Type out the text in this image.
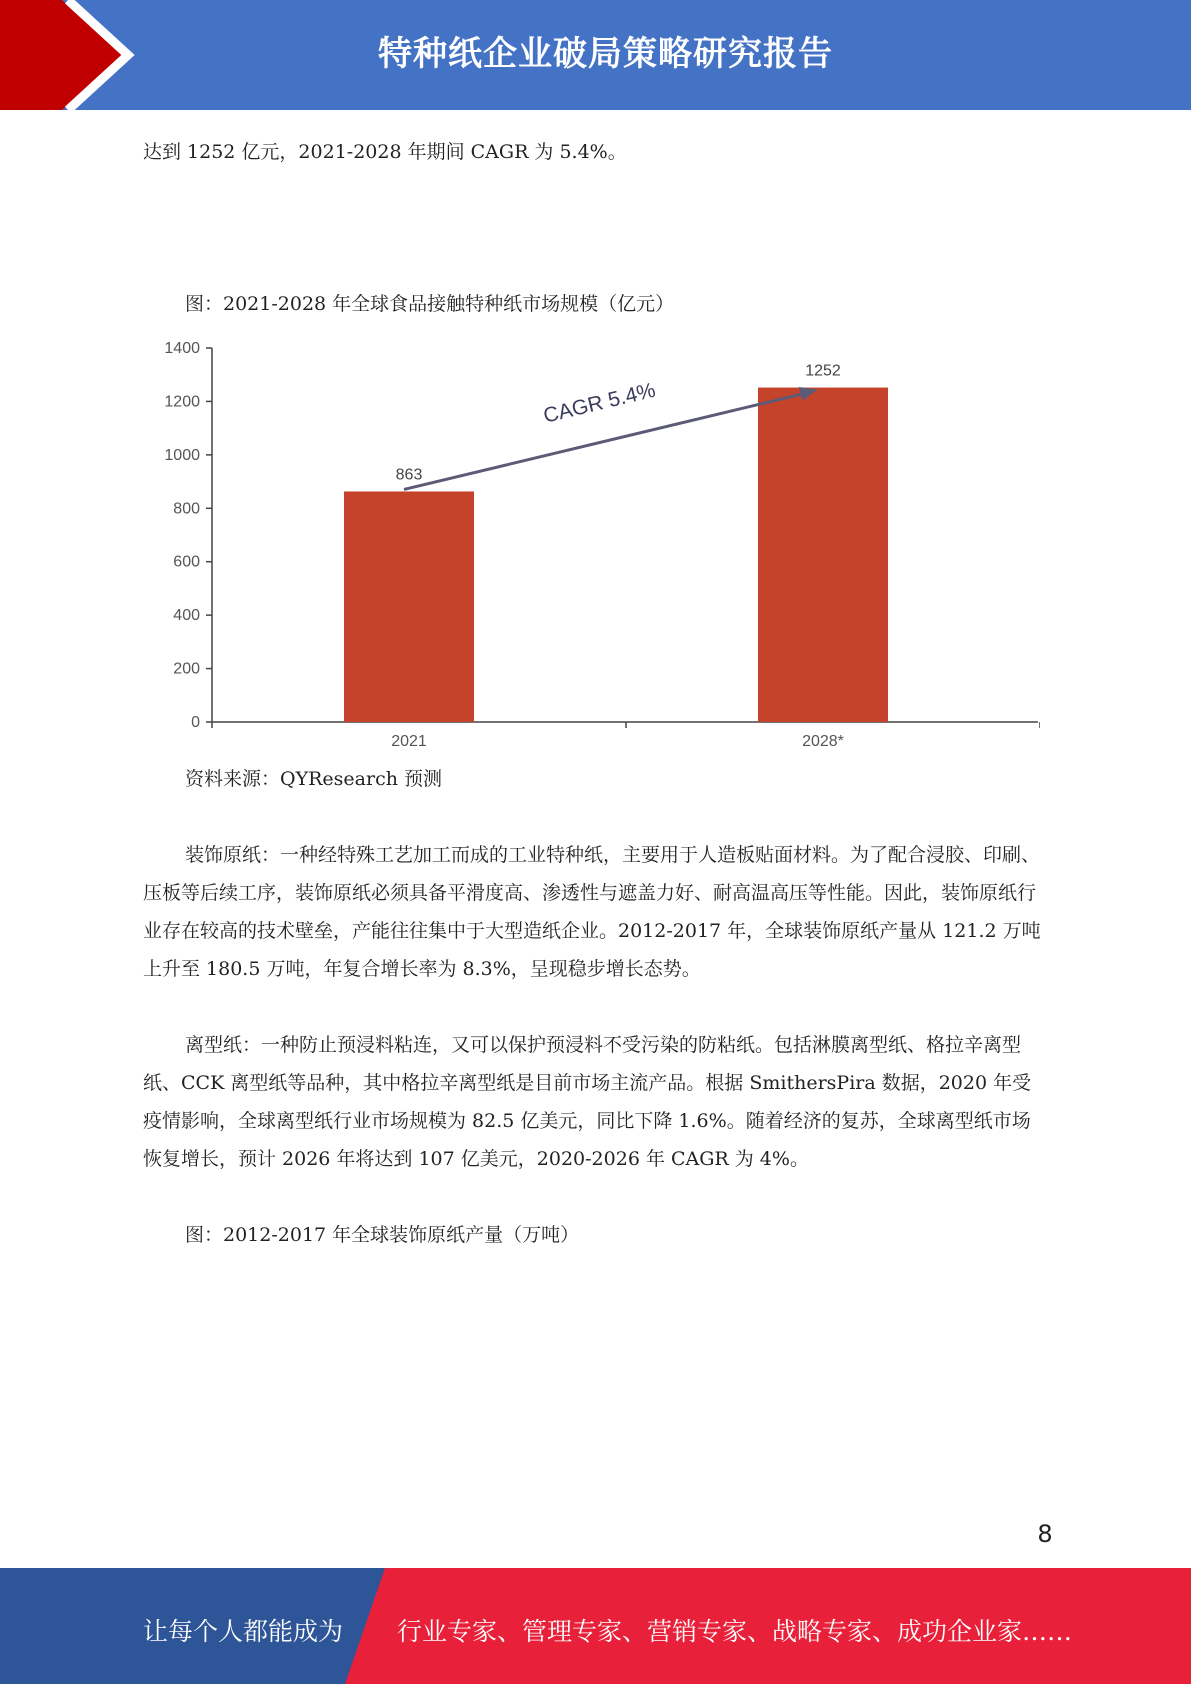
特种纸企业破局策略研究报告

达到 1252 亿元，2021-2028 年期间 CAGR 为 5.4%。

图：2021-2028 年全球食品接触特种纸市场规模（亿元）
0
200
400
600
800
1000
1200
1400
863
2021
1252
2028*
CAGR 5.4%
资料来源：QYResearch 预测

装饰原纸：一种经特殊工艺加工而成的工业特种纸，主要用于人造板贴面材料。为了配合浸胶、印刷、压板等后续工序，装饰原纸必须具备平滑度高、渗透性与遮盖力好、耐高温高压等性能。因此，装饰原纸行业存在较高的技术壁垒，产能往往集中于大型造纸企业。2012-2017 年，全球装饰原纸产量从 121.2 万吨上升至 180.5 万吨，年复合增长率为 8.3%，呈现稳步增长态势。

离型纸：一种防止预浸料粘连，又可以保护预浸料不受污染的防粘纸。包括淋膜离型纸、格拉辛离型纸、CCK 离型纸等品种，其中格拉辛离型纸是目前市场主流产品。根据 SmithersPira 数据，2020 年受疫情影响，全球离型纸行业市场规模为 82.5 亿美元，同比下降 1.6%。随着经济的复苏，全球离型纸市场恢复增长，预计 2026 年将达到 107 亿美元，2020-2026 年 CAGR 为 4%。

图：2012-2017 年全球装饰原纸产量（万吨）
8
让每个人都能成为 行业专家、管理专家、营销专家、战略专家、成功企业家……
